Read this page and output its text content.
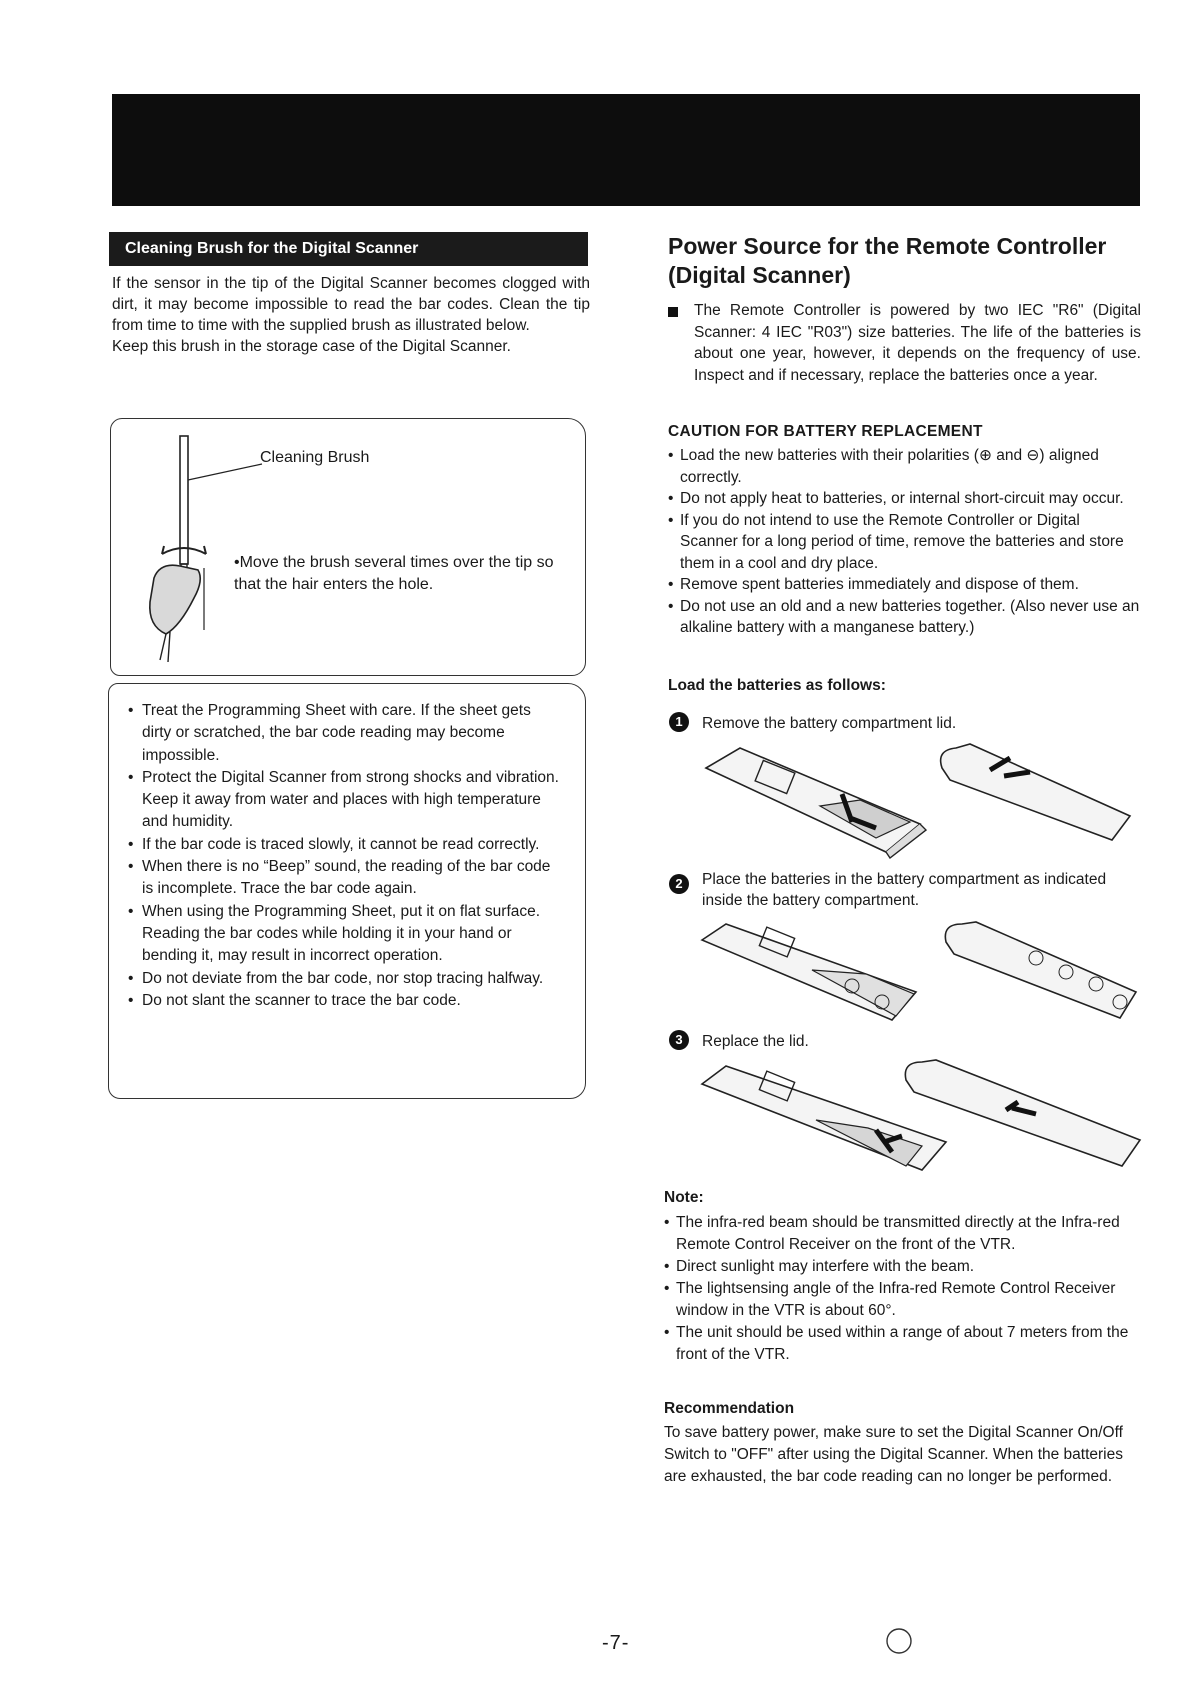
Cleaning Brush for the Digital Scanner

If the sensor in the tip of the Digital Scanner becomes clogged with dirt, it may become impossible to read the bar codes. Clean the tip from time to time with the supplied brush as illustrated below.

Keep this brush in the storage case of the Digital Scanner.

Cleaning Brush
•Move the brush several times over the tip so that the hair enters the hole.
• Treat the Programming Sheet with care. If the sheet gets dirty or scratched, the bar code reading may become impossible.
• Protect the Digital Scanner from strong shocks and vibration. Keep it away from water and places with high temperature and humidity.
• If the bar code is traced slowly, it cannot be read correctly.
• When there is no “Beep” sound, the reading of the bar code is incomplete. Trace the bar code again.
• When using the Programming Sheet, put it on flat surface. Reading the bar codes while holding it in your hand or bending it, may result in incorrect operation.
• Do not deviate from the bar code, nor stop tracing halfway.
• Do not slant the scanner to trace the bar code.
Power Source for the Remote Controller
(Digital Scanner)
The Remote Controller is powered by two IEC "R6" (Digital Scanner: 4 IEC "R03") size batteries. The life of the batteries is about one year, however, it depends on the frequency of use. Inspect and if necessary, replace the batteries once a year.
CAUTION FOR BATTERY REPLACEMENT
• Load the new batteries with their polarities (⊕ and ⊖) aligned correctly.
• Do not apply heat to batteries, or internal short-circuit may occur.
• If you do not intend to use the Remote Controller or Digital Scanner for a long period of time, remove the batteries and store them in a cool and dry place.
• Remove spent batteries immediately and dispose of them.
• Do not use an old and a new batteries together. (Also never use an alkaline battery with a manganese battery.)
Load the batteries as follows:
1	Remove the battery compartment lid.
2	Place the batteries in the battery compartment as indicated inside the battery compartment.
3	Replace the lid.
Note:
• The infra-red beam should be transmitted directly at the Infra-red Remote Control Receiver on the front of the VTR.
• Direct sunlight may interfere with the beam.
• The lightsensing angle of the Infra-red Remote Control Receiver window in the VTR is about 60°.
• The unit should be used within a range of about 7 meters from the front of the VTR.
Recommendation
To save battery power, make sure to set the Digital Scanner On/Off Switch to "OFF" after using the Digital Scanner. When the batteries are exhausted, the bar code reading can no longer be performed.
-7-
